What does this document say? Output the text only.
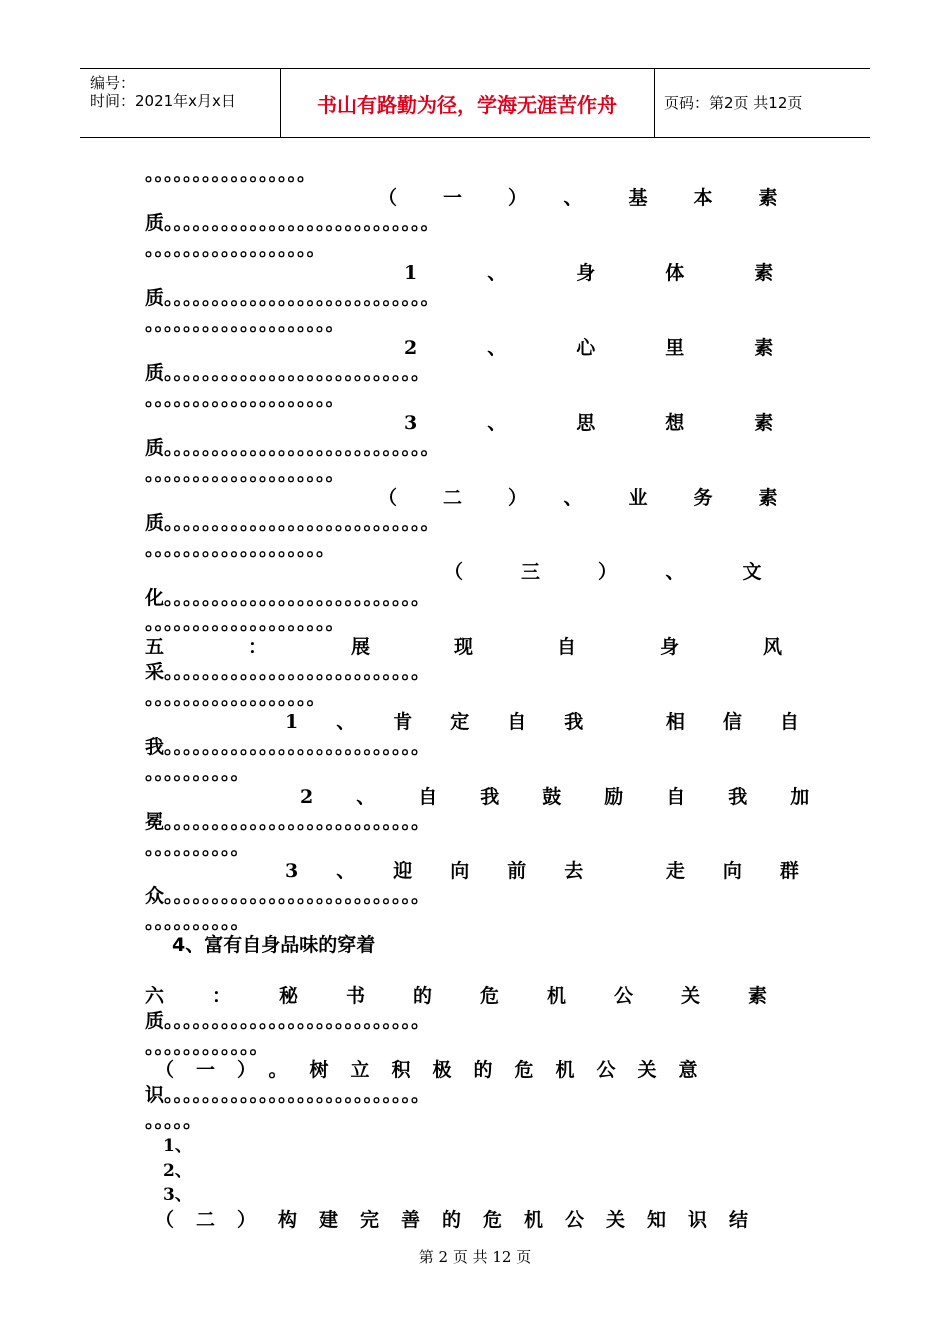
编号：
时间：2021年x月x日	书山有路勤为径，学海无涯苦作舟	页码：第2页 共12页
。。。。。。。。。。。。。。。。。
（一）、基本素
质。。。。。。。。。。。。。。。。。。。。。。。。。。。。
。。。。。。。。。。。。。。。。。。
1、身体素
质。。。。。。。。。。。。。。。。。。。。。。。。。。。。
。。。。。。。。。。。。。。。。。。。。
2、心里素
质。。。。。。。。。。。。。。。。。。。。。。。。。。。
。。。。。。。。。。。。。。。。。。。。
3、思想素
质。。。。。。。。。。。。。。。。。。。。。。。。。。。。
。。。。。。。。。。。。。。。。。。。。
（二）、业务素
质。。。。。。。。。。。。。。。。。。。。。。。。。。。。
。。。。。。。。。。。。。。。。。。。
（三）、文
化。。。。。。。。。。。。。。。。。。。。。。。。。。。
。。。。。。。。。。。。。。。。。。。。
五：展现自身风
采。。。。。。。。。。。。。。。。。。。。。。。。。。。
。。。。。。。。。。。。。。。。。。
1、肯定自我 相信自
我。。。。。。。。。。。。。。。。。。。。。。。。。。。
。。。。。。。。。。
2、自我鼓励自我加
冕。。。。。。。。。。。。。。。。。。。。。。。。。。。
。。。。。。。。。。
3、迎向前去 走向群
众。。。。。。。。。。。。。。。。。。。。。。。。。。。
。。。。。。。。。。
4、富有自身品味的穿着
六：秘书的危机公关素
质。。。。。。。。。。。。。。。。。。。。。。。。。。。
。。。。。。。。。。。。
（一）。树立积极的危机公关意
识。。。。。。。。。。。。。。。。。。。。。。。。。。。
。。。。。
1、
2、
3、
（二）构建完善的危机公关知识结
第 2 页 共 12 页
